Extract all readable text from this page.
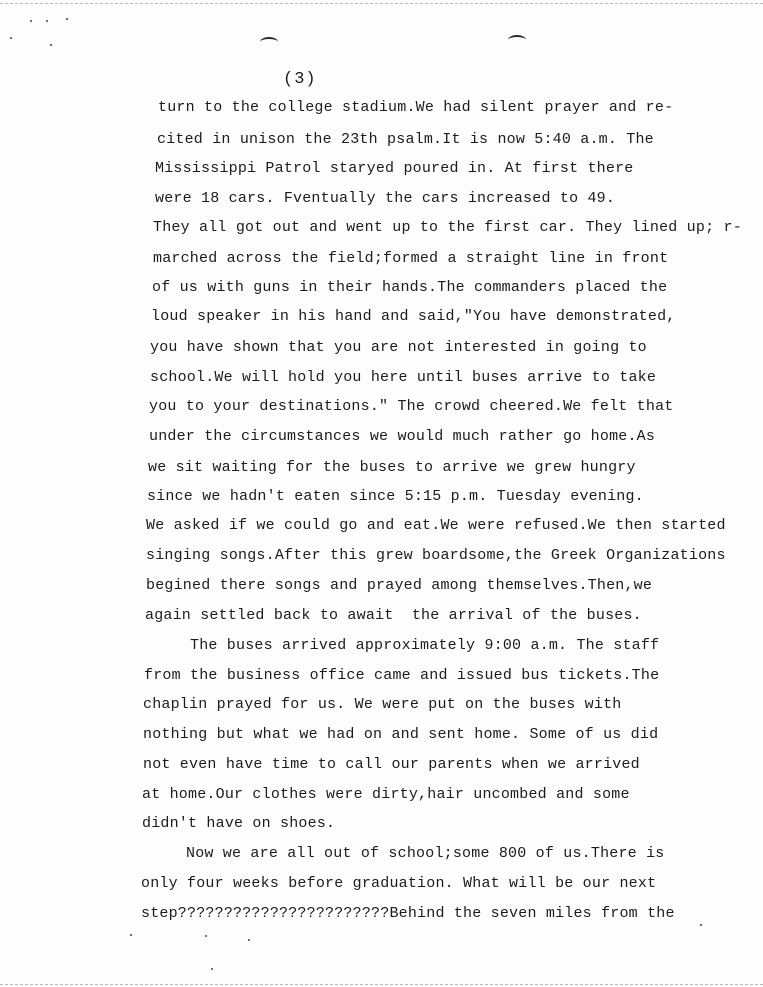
(3)
turn to the college stadium.We had silent prayer and re-
cited in unison the 23th psalm.It is now 5:40 a.m. The
Mississippi Patrol staryed poured in. At first there
were 18 cars. Fventually the cars increased to 49.
They all got out and went up to the first car. They lined up; r-
marched across the field;formed a straight line in front
of us with guns in their hands.The commanders placed the
loud speaker in his hand and said,"You have demonstrated,
you have shown that you are not interested in going to
school.We will hold you here until buses arrive to take
you to your destinations." The crowd cheered.We felt that
under the circumstances we would much rather go home.As
we sit waiting for the buses to arrive we grew hungry
since we hadn't eaten since 5:15 p.m. Tuesday evening.
We asked if we could go and eat.We were refused.We then started
singing songs.After this grew boardsome,the Greek Organizations
begined there songs and prayed among themselves.Then,we
again settled back to await  the arrival of the buses.
The buses arrived approximately 9:00 a.m. The staff
from the business office came and issued bus tickets.The
chaplin prayed for us. We were put on the buses with
nothing but what we had on and sent home. Some of us did
not even have time to call our parents when we arrived
at home.Our clothes were dirty,hair uncombed and some
didn't have on shoes.
Now we are all out of school;some 800 of us.There is
only four weeks before graduation. What will be our next
step???????????????????????Behind the seven miles from the
